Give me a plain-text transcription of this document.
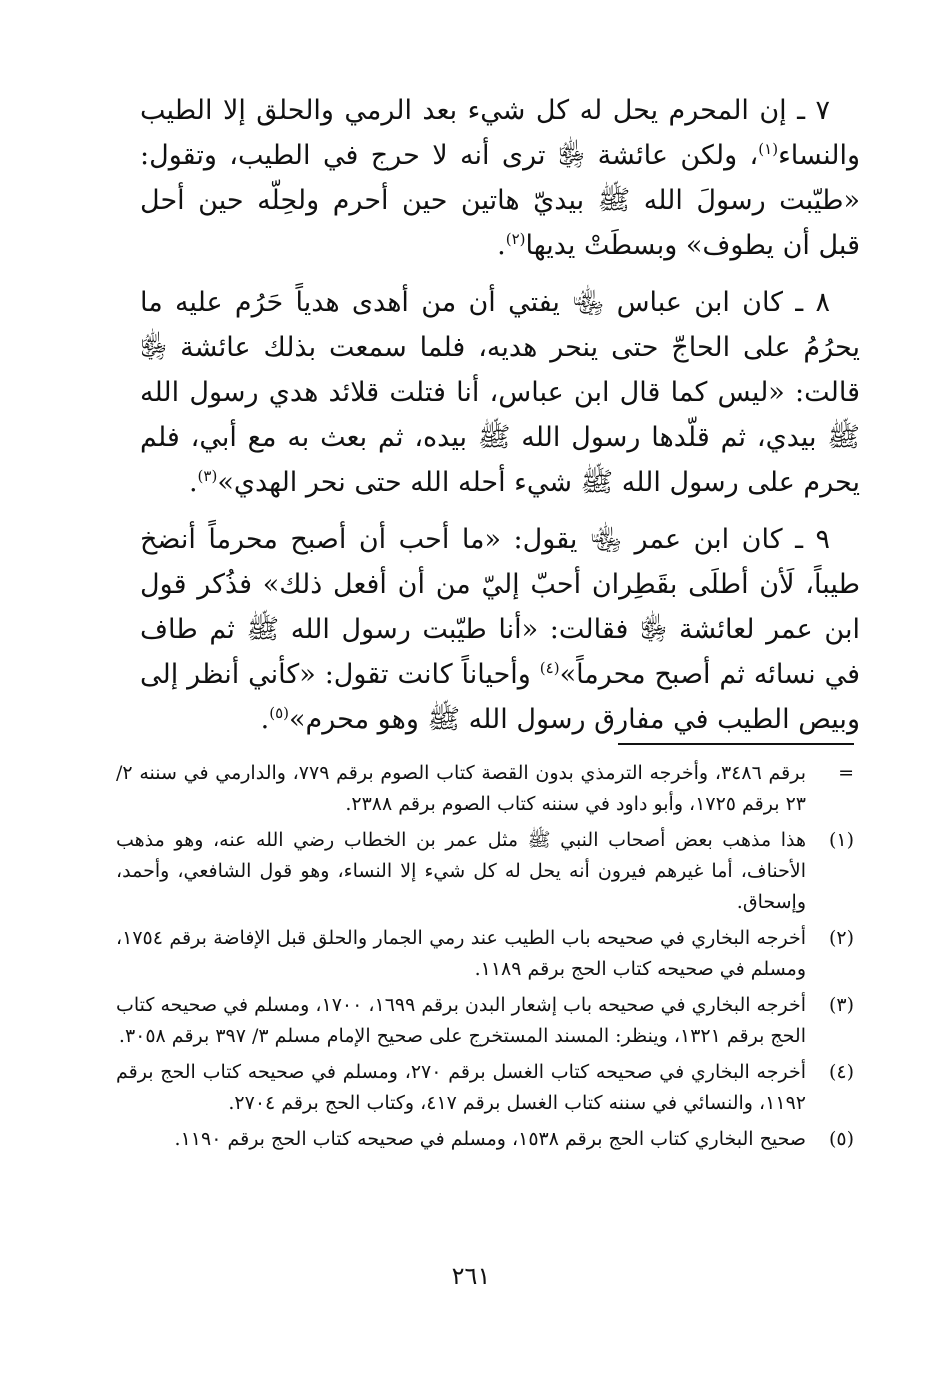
٧ ـ إن المحرم يحل له كل شيء بعد الرمي والحلق إلا الطيب والنساء$^{(١)}$، ولكن عائشة ﵂ ترى أنه لا حرج في الطيب، وتقول: «طيّبت رسولَ الله ﷺ بيديّ هاتين حين أحرم ولحِلّه حين أحل قبل أن يطوف» وبسطَتْ يديها$^{(٢)}$.

٨ ـ كان ابن عباس ﵄ يفتي أن من أهدى هدياً حَرُم عليه ما يحرُمُ على الحاجّ حتى ينحر هديه، فلما سمعت بذلك عائشة ﵂ قالت: «ليس كما قال ابن عباس، أنا فتلت قلائد هدي رسول الله ﷺ بيدي، ثم قلّدها رسول الله ﷺ بيده، ثم بعث به مع أبي، فلم يحرم على رسول الله ﷺ شيء أحله الله حتى نحر الهدي»$^{(٣)}$.

٩ ـ كان ابن عمر ﵄ يقول: «ما أحب أن أصبح محرماً أنضخ طيباً، لَأن أطلَى بقَطِران أحبّ إليّ من أن أفعل ذلك» فذُكر قول ابن عمر لعائشة ﵂ فقالت: «أنا طيّبت رسول الله ﷺ ثم طاف في نسائه ثم أصبح محرماً»$^{(٤)}$ وأحياناً كانت تقول: «كأني أنظر إلى وبيص الطيب في مفارق رسول الله ﷺ وهو محرم»$^{(٥)}$.

=
برقم ٣٤٨٦، وأخرجه الترمذي بدون القصة كتاب الصوم برقم ٧٧٩، والدارمي في سننه ٢/ ٢٣ برقم ١٧٢٥، وأبو داود في سننه كتاب الصوم برقم ٢٣٨٨.
(١)
هذا مذهب بعض أصحاب النبي ﷺ مثل عمر بن الخطاب رضي الله عنه، وهو مذهب الأحناف، أما غيرهم فيرون أنه يحل له كل شيء إلا النساء، وهو قول الشافعي، وأحمد، وإسحاق.
(٢)
أخرجه البخاري في صحيحه باب الطيب عند رمي الجمار والحلق قبل الإفاضة برقم ١٧٥٤، ومسلم في صحيحه كتاب الحج برقم ١١٨٩.
(٣)
أخرجه البخاري في صحيحه باب إشعار البدن برقم ١٦٩٩، ١٧٠٠، ومسلم في صحيحه كتاب الحج برقم ١٣٢١، وينظر: المسند المستخرج على صحيح الإمام مسلم ٣/ ٣٩٧ برقم ٣٠٥٨.
(٤)
أخرجه البخاري في صحيحه كتاب الغسل برقم ٢٧٠، ومسلم في صحيحه كتاب الحج برقم ١١٩٢، والنسائي في سننه كتاب الغسل برقم ٤١٧، وكتاب الحج برقم ٢٧٠٤.
(٥)
صحيح البخاري كتاب الحج برقم ١٥٣٨، ومسلم في صحيحه كتاب الحج برقم ١١٩٠.
٢٦١
